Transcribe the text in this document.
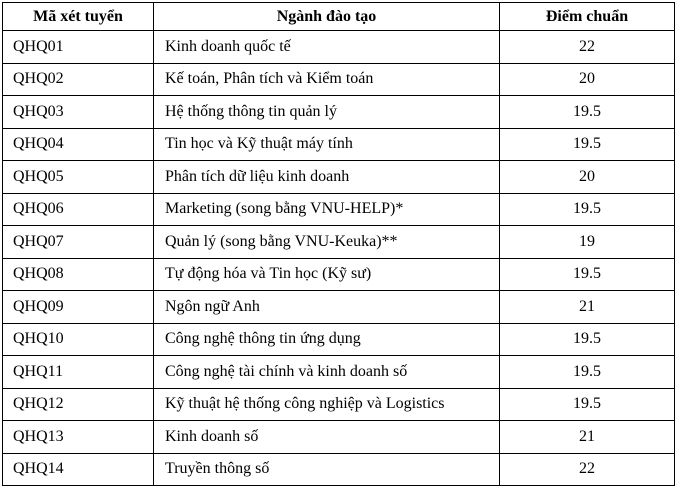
Mã xét tuyển	Ngành đào tạo	Điểm chuẩn
QHQ01	Kinh doanh quốc tế	22
QHQ02	Kế toán, Phân tích và Kiểm toán	20
QHQ03	Hệ thống thông tin quản lý	19.5
QHQ04	Tin học và Kỹ thuật máy tính	19.5
QHQ05	Phân tích dữ liệu kinh doanh	20
QHQ06	Marketing (song bằng VNU-HELP)*	19.5
QHQ07	Quản lý (song bằng VNU-Keuka)**	19
QHQ08	Tự động hóa và Tin học (Kỹ sư)	19.5
QHQ09	Ngôn ngữ Anh	21
QHQ10	Công nghệ thông tin ứng dụng	19.5
QHQ11	Công nghệ tài chính và kinh doanh số	19.5
QHQ12	Kỹ thuật hệ thống công nghiệp và Logistics	19.5
QHQ13	Kinh doanh số	21
QHQ14	Truyền thông số	22
